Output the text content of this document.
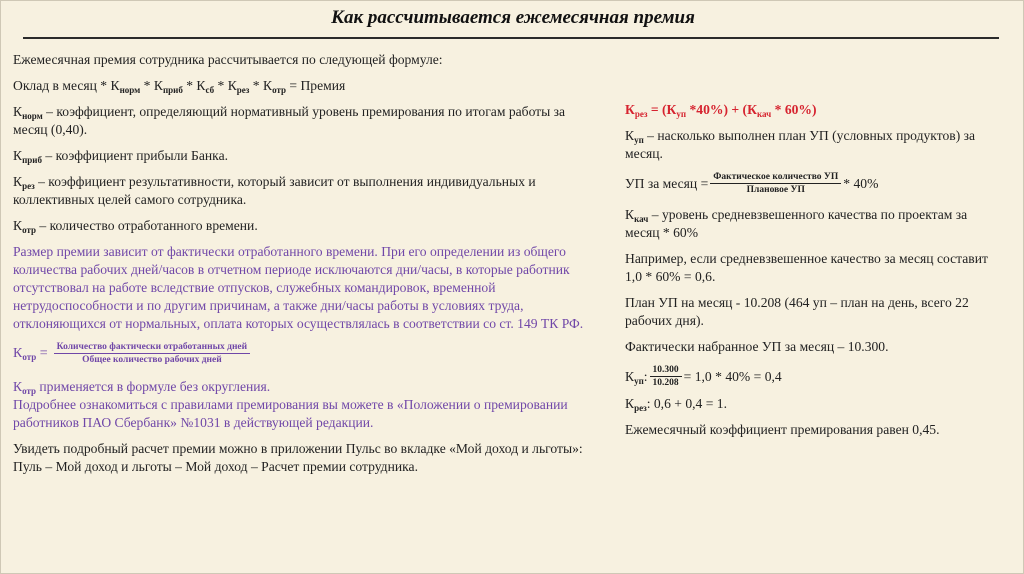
Как рассчитывается ежемесячная премия

Ежемесячная премия сотрудника рассчитывается по следующей формуле:

Оклад в месяц * $К_{норм} * К_{приб} * К_{сб} * К_{рез} * К_{отр}$ = Премия

$К_{норм}$ – коэффициент, определяющий нормативный уровень премирования по итогам работы за месяц (0,40).

$К_{приб}$ – коэффициент прибыли Банка.

$К_{рез}$ – коэффициент результативности, который зависит от выполнения индивидуальных и коллективных целей самого сотрудника.

$К_{отр}$ – количество отработанного времени.

Размер премии зависит от фактически отработанного времени. При его определении из общего количества рабочих дней/часов в отчетном периоде исключаются дни/часы, в которые работник отсутствовал на работе вследствие отпусков, служебных командировок, временной нетрудоспособности и по другим причинам, а также дни/часы работы в условиях труда, отклоняющихся от нормальных, оплата которых осуществлялась в соответствии со ст. 149 ТК РФ.

$К_{отр} = \frac{\text{Количество фактически отработанных дней}}{\text{Общее количество рабочих дней}}$

$К_{отр}$ применяется в формуле без округления.

Подробнее ознакомиться с правилами премирования вы можете в «Положении о премировании работников ПАО Сбербанк» №1031 в действующей редакции.

Увидеть подробный расчет премии можно в приложении Пульс во вкладке «Мой доход и льготы»: Пуль – Мой доход и льготы – Мой доход – Расчет премии сотрудника.

$К_{рез} = (К_{уп}$ $*40\%) + (К_{кач} * 60\%)$

$К_{уп}$ – насколько выполнен план УП (условных продуктов) за месяц.

УП за месяц = $\frac{\text{Фактическое количество УП}}{\text{Плановое УП}} * 40\%$

$К_{кач}$ – уровень средневзвешенного качества по проектам за месяц * 60%

Например, если средневзвешенное качество за месяц составит 1,0 * 60% = 0,6.

План УП на месяц - 10.208 (464 уп – план на день, всего 22 рабочих дня).

Фактически набранное УП за месяц – 10.300.

$К_{уп}$: $\frac{10.300}{10.208} = 1,0 * 40\% = 0,4$

$К_{рез}$: 0,6 + 0,4 = 1.

Ежемесячный коэффициент премирования равен 0,45.
